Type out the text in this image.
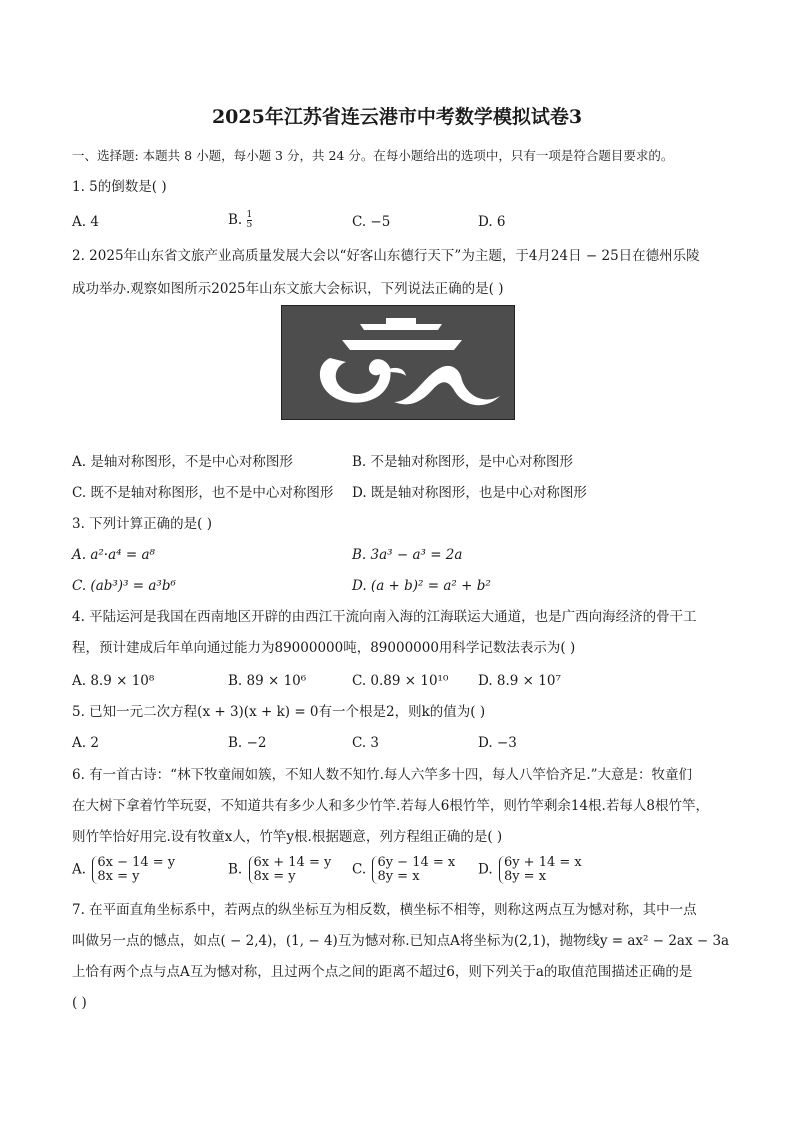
2025年江苏省连云港市中考数学模拟试卷3
一、选择题: 本题共 8 小题，每小题 3 分，共 24 分。在每小题给出的选项中，只有一项是符合题目要求的。
1. 5的倒数是( )
A. 4	B. $\frac{1}{5}$	C. −5	D. 6
2. 2025年山东省文旅产业高质量发展大会以“好客山东德行天下”为主题，于4月24日 − 25日在德州乐陵
成功举办.观察如图所示2025年山东文旅大会标识，下列说法正确的是( )
A. 是轴对称图形，不是中心对称图形	B. 不是轴对称图形，是中心对称图形
C. 既不是轴对称图形，也不是中心对称图形 D. 既是轴对称图形，也是中心对称图形
3. 下列计算正确的是( )
A. a²·a⁴ = a⁸	B. 3a³ − a³ = 2a
C. (ab³)³ = a³b⁶	D. (a + b)² = a² + b²
4. 平陆运河是我国在西南地区开辟的由西江干流向南入海的江海联运大通道，也是广西向海经济的骨干工
程，预计建成后年单向通过能力为89000000吨，89000000用科学记数法表示为( )
A. 8.9 × 10⁸	B. 89 × 10⁶	C. 0.89 × 10¹⁰ D. 8.9 × 10⁷
5. 已知一元二次方程(x + 3)(x + k) = 0有一个根是2，则k的值为( )
A. 2	B. −2	C. 3	D. −3
6. 有一首古诗：“林下牧童闹如簇，不知人数不知竹.每人六竿多十四，每人八竿恰齐足.”大意是：牧童们
在大树下拿着竹竿玩耍，不知道共有多少人和多少竹竿.若每人6根竹竿，则竹竿剩余14根.若每人8根竹竿，
则竹竿恰好用完.设有牧童x人，竹竿y根.根据题意，列方程组正确的是( )
A. 6x − 14 = y
8x = y	B. 6x + 14 = y
8x = y	C. 6y − 14 = x
8y = x	D. 6y + 14 = x
8y = x
7. 在平面直角坐标系中，若两点的纵坐标互为相反数，横坐标不相等，则称这两点互为憾对称，其中一点
叫做另一点的憾点，如点( − 2,4)，(1, − 4)互为憾对称.已知点A将坐标为(2,1)，抛物线y = ax² − 2ax − 3a
上恰有两个点与点A互为憾对称，且过两个点之间的距离不超过6，则下列关于a的取值范围描述正确的是
( )
